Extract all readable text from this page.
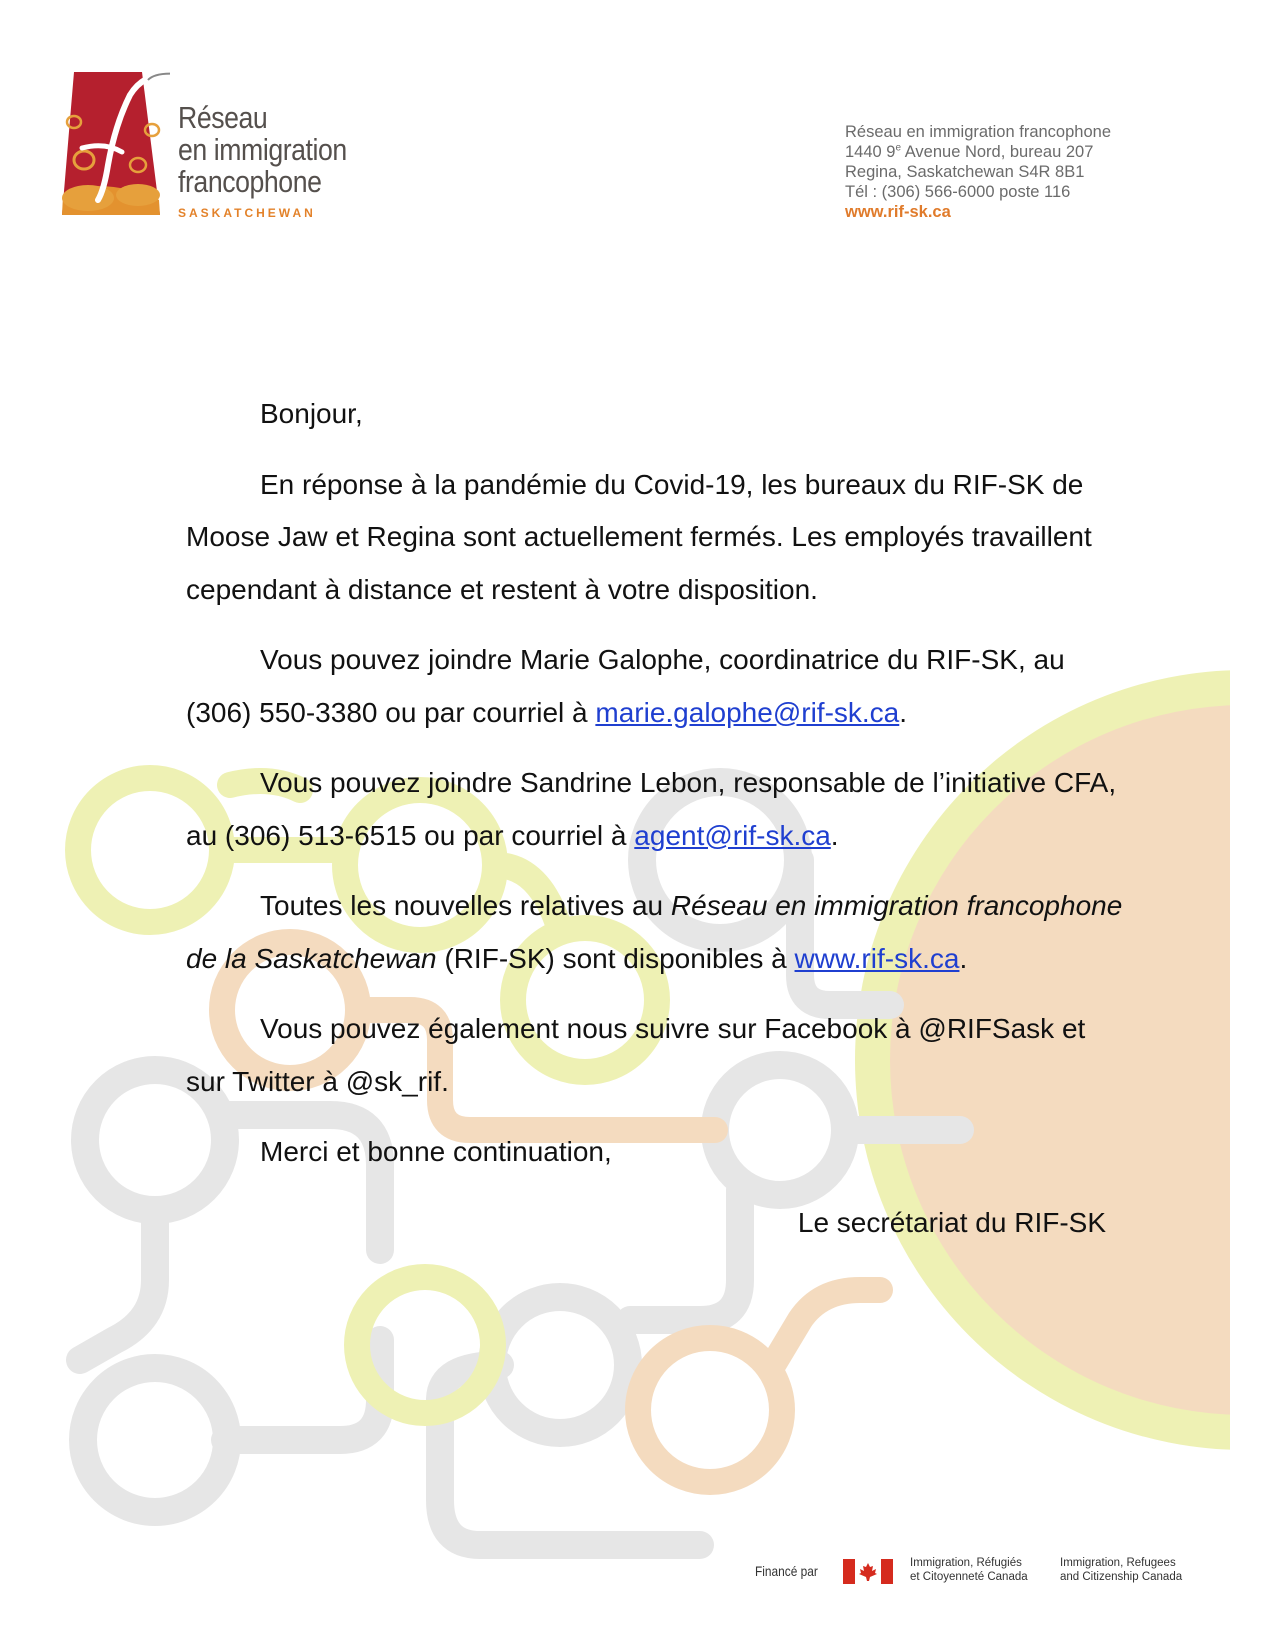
Réseau
en immigration
francophone
SASKATCHEWAN
Réseau en immigration francophone
1440 9e Avenue Nord, bureau 207
Regina, Saskatchewan S4R 8B1
Tél : (306) 566-6000 poste 116
www.rif-sk.ca

Bonjour,

En réponse à la pandémie du Covid-19, les bureaux du RIF-SK de Moose Jaw et Regina sont actuellement fermés. Les employés travaillent cependant à distance et restent à votre disposition.

Vous pouvez joindre Marie Galophe, coordinatrice du RIF-SK, au (306) 550-3380 ou par courriel à marie.galophe@rif-sk.ca.

Vous pouvez joindre Sandrine Lebon, responsable de l’initiative CFA, au (306) 513-6515 ou par courriel à agent@rif-sk.ca.

Toutes les nouvelles relatives au Réseau en immigration francophone de la Saskatchewan (RIF-SK) sont disponibles à www.rif-sk.ca.

Vous pouvez également nous suivre sur Facebook à @RIFSask et sur Twitter à @sk_rif.

Merci et bonne continuation,

Le secrétariat du RIF-SK

Financé par	Immigration, Réfugiés
et Citoyenneté Canada
Immigration, Refugees
and Citizenship Canada
